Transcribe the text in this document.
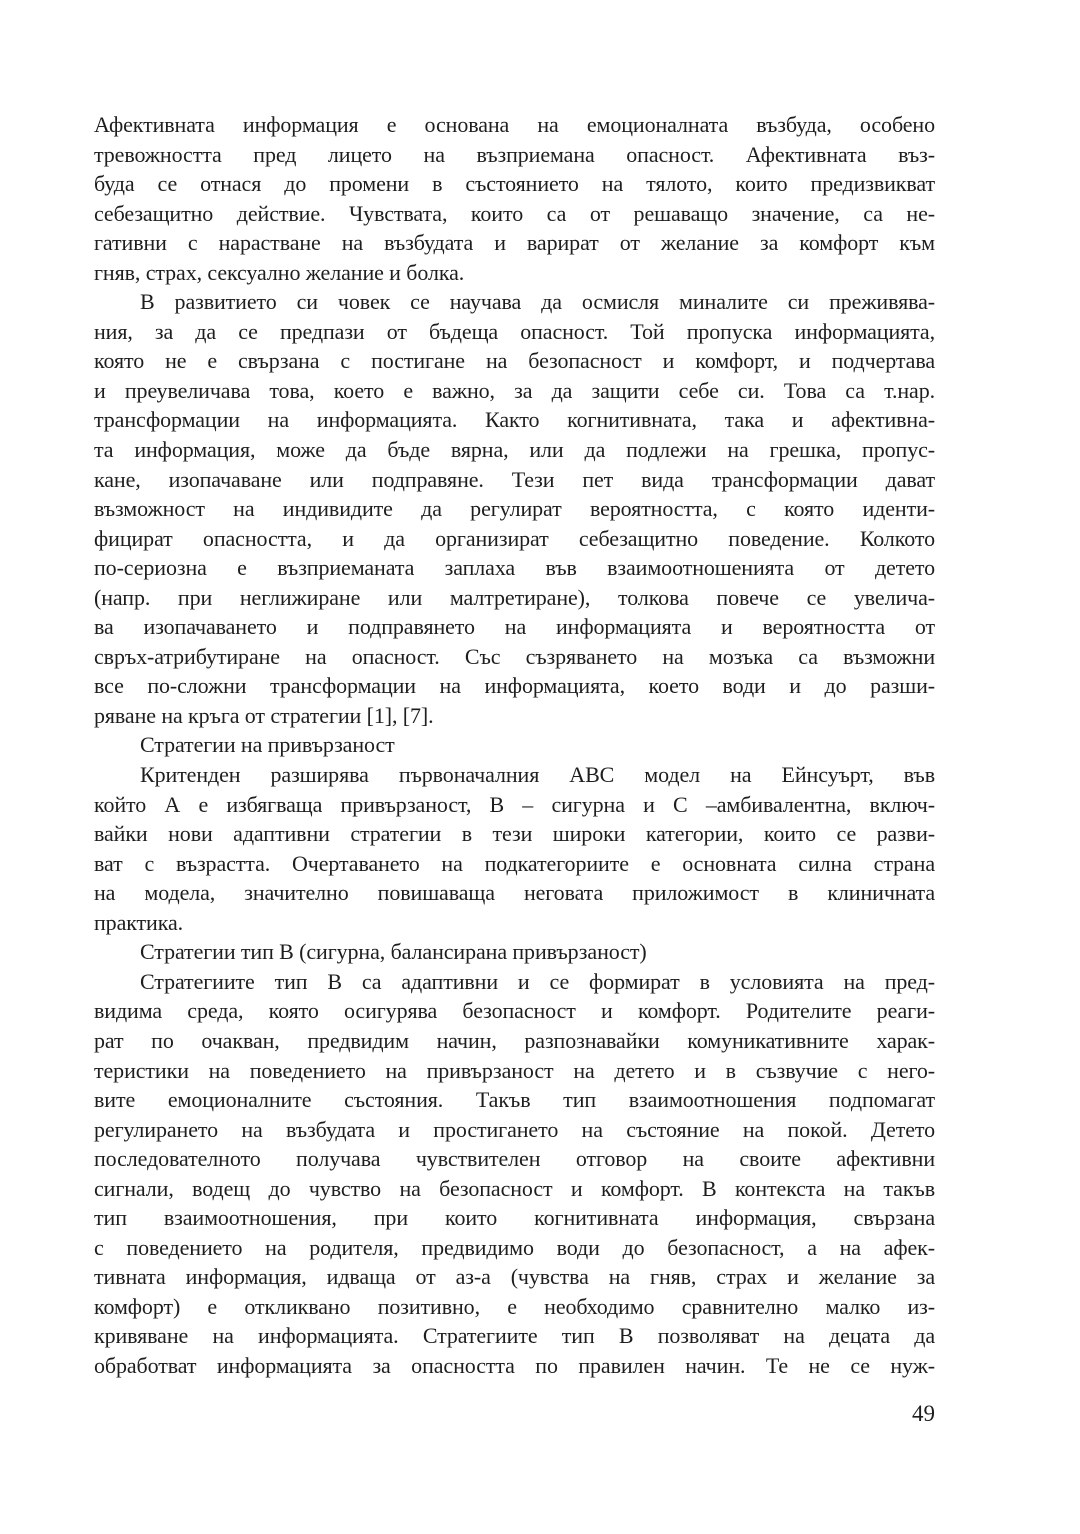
Афективната информация е основана на емоционалната възбуда, особено
тревожността пред лицето на възприемана опасност. Афективната въз-
буда се отнася до промени в състоянието на тялото, които предизвикват
себезащитно действие. Чувствата, които са от решаващо значение, са не-
гативни с нарастване на възбудата и варират от желание за комфорт към
гняв, страх, сексуално желание и болка.
В развитието си човек се научава да осмисля миналите си преживява-
ния, за да се предпази от бъдеща опасност. Той пропуска информацията,
която не е свързана с постигане на безопасност и комфорт, и подчертава
и преувеличава това, което е важно, за да защити себе си. Това са т.нар.
трансформации на информацията. Както когнитивната, така и афективна-
та информация, може да бъде вярна, или да подлежи на грешка, пропус-
кане, изопачаване или подправяне. Тези пет вида трансформации дават
възможност на индивидите да регулират вероятността, с която иденти-
фицират опасността, и да организират себезащитно поведение. Колкото
по-сериозна е възприеманата заплаха във взаимоотношенията от детето
(напр. при неглижиране или малтретиране), толкова повече се увелича-
ва изопачаването и подправянето на информацията и вероятността от
свръх-атрибутиране на опасност. Със съзряването на мозъка са възможни
все по-сложни трансформации на информацията, което води и до разши-
ряване на кръга от стратегии [1], [7].
Стратегии на привързаност
Критенден разширява първоначалния АВС модел на Ейнсуърт, във
който А е избягваща привързаност, В – сигурна и С –амбивалентна, включ-
вайки нови адаптивни стратегии в тези широки категории, които се разви-
ват с възрастта. Очертаването на подкатегориите е основната силна страна
на модела, значително повишаваща неговата приложимост в клиничната
практика.
Стратегии тип В (сигурна, балансирана привързаност)
Стратегиите тип В са адаптивни и се формират в условията на пред-
видима среда, която осигурява безопасност и комфорт. Родителите реаги-
рат по очакван, предвидим начин, разпознавайки комуникативните харак-
теристики на поведението на привързаност на детето и в съзвучие с него-
вите емоционалните състояния. Такъв тип взаимоотношения подпомагат
регулирането на възбудата и простигането на състояние на покой. Детето
последователното получава чувствителен отговор на своите афективни
сигнали, водещ до чувство на безопасност и комфорт. В контекста на такъв
тип взаимоотношения, при които когнитивната информация, свързана
с поведението на родителя, предвидимо води до безопасност, а на афек-
тивната информация, идваща от аз-а (чувства на гняв, страх и желание за
комфорт) е откликвано позитивно, е необходимо сравнително малко из-
кривяване на информацията. Стратегиите тип В позволяват на децата да
обработват информацията за опасността по правилен начин. Те не се нуж-
49
